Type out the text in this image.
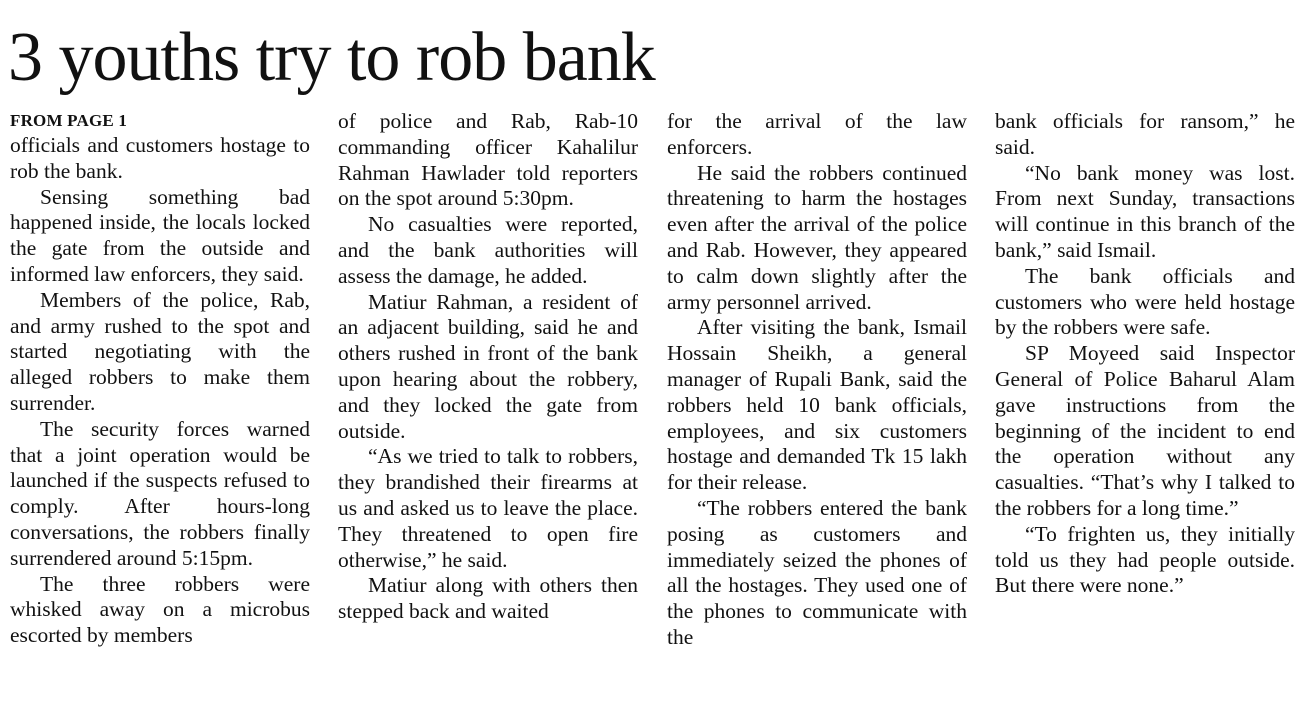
3 youths try to rob bank
FROM PAGE 1

officials and customers hostage to rob the bank.

Sensing something bad happened inside, the locals locked the gate from the outside and informed law enforcers, they said.

Members of the police, Rab, and army rushed to the spot and started negotiating with the alleged robbers to make them surrender.

The security forces warned that a joint operation would be launched if the suspects refused to comply. After hours-long conversations, the robbers finally surrendered around 5:15pm.

The three robbers were whisked away on a microbus escorted by members

of police and Rab, Rab-10 commanding officer Kahalilur Rahman Hawlader told reporters on the spot around 5:30pm.

No casualties were reported, and the bank authorities will assess the damage, he added.

Matiur Rahman, a resident of an adjacent building, said he and others rushed in front of the bank upon hearing about the robbery, and they locked the gate from outside.

“As we tried to talk to robbers, they brandished their firearms at us and asked us to leave the place. They threatened to open fire otherwise,” he said.

Matiur along with others then stepped back and waited

for the arrival of the law enforcers.

He said the robbers continued threatening to harm the hostages even after the arrival of the police and Rab. However, they appeared to calm down slightly after the army personnel arrived.

After visiting the bank, Ismail Hossain Sheikh, a general manager of Rupali Bank, said the robbers held 10 bank officials, employees, and six customers hostage and demanded Tk 15 lakh for their release.

“The robbers entered the bank posing as customers and immediately seized the phones of all the hostages. They used one of the phones to communicate with the

bank officials for ransom,” he said.

“No bank money was lost. From next Sunday, transactions will continue in this branch of the bank,” said Ismail.

The bank officials and customers who were held hostage by the robbers were safe.

SP Moyeed said Inspector General of Police Baharul Alam gave instructions from the beginning of the incident to end the operation without any casualties. “That’s why I talked to the robbers for a long time.”

“To frighten us, they initially told us they had people outside. But there were none.”
